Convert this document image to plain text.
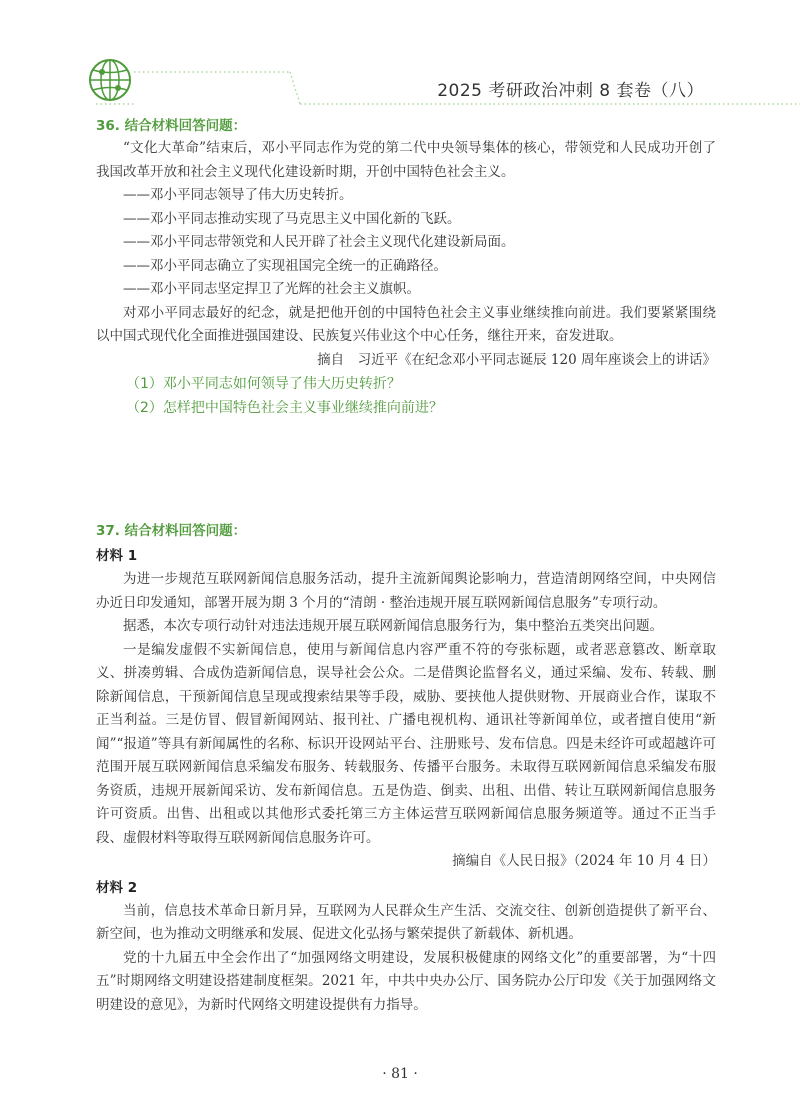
2025 考研政治冲刺 8 套卷（八）
36. 结合材料回答问题：

“文化大革命”结束后，邓小平同志作为党的第二代中央领导集体的核心，带领党和人民成功开创了我国改革开放和社会主义现代化建设新时期，开创中国特色社会主义。

——邓小平同志领导了伟大历史转折。

——邓小平同志推动实现了马克思主义中国化新的飞跃。

——邓小平同志带领党和人民开辟了社会主义现代化建设新局面。

——邓小平同志确立了实现祖国完全统一的正确路径。

——邓小平同志坚定捍卫了光辉的社会主义旗帜。

对邓小平同志最好的纪念，就是把他开创的中国特色社会主义事业继续推向前进。我们要紧紧围绕以中国式现代化全面推进强国建设、民族复兴伟业这个中心任务，继往开来，奋发进取。

摘自　习近平《在纪念邓小平同志诞辰 120 周年座谈会上的讲话》

（1）邓小平同志如何领导了伟大历史转折？
（2）怎样把中国特色社会主义事业继续推向前进？
37. 结合材料回答问题：
材料 1

为进一步规范互联网新闻信息服务活动，提升主流新闻舆论影响力，营造清朗网络空间，中央网信办近日印发通知，部署开展为期 3 个月的“清朗 · 整治违规开展互联网新闻信息服务”专项行动。

据悉，本次专项行动针对违法违规开展互联网新闻信息服务行为，集中整治五类突出问题。

一是编发虚假不实新闻信息，使用与新闻信息内容严重不符的夸张标题，或者恶意篡改、断章取义、拼凑剪辑、合成伪造新闻信息，误导社会公众。二是借舆论监督名义，通过采编、发布、转载、删除新闻信息，干预新闻信息呈现或搜索结果等手段，威胁、要挟他人提供财物、开展商业合作，谋取不正当利益。三是仿冒、假冒新闻网站、报刊社、广播电视机构、通讯社等新闻单位，或者擅自使用“新闻”“报道”等具有新闻属性的名称、标识开设网站平台、注册账号、发布信息。四是未经许可或超越许可范围开展互联网新闻信息采编发布服务、转载服务、传播平台服务。未取得互联网新闻信息采编发布服务资质，违规开展新闻采访、发布新闻信息。五是伪造、倒卖、出租、出借、转让互联网新闻信息服务许可资质。出售、出租或以其他形式委托第三方主体运营互联网新闻信息服务频道等。通过不正当手段、虚假材料等取得互联网新闻信息服务许可。

摘编自《人民日报》（2024 年 10 月 4 日）

材料 2

当前，信息技术革命日新月异，互联网为人民群众生产生活、交流交往、创新创造提供了新平台、新空间，也为推动文明继承和发展、促进文化弘扬与繁荣提供了新载体、新机遇。

党的十九届五中全会作出了“加强网络文明建设，发展积极健康的网络文化”的重要部署，为“十四五”时期网络文明建设搭建制度框架。2021 年，中共中央办公厅、国务院办公厅印发《关于加强网络文明建设的意见》，为新时代网络文明建设提供有力指导。

· 81 ·
